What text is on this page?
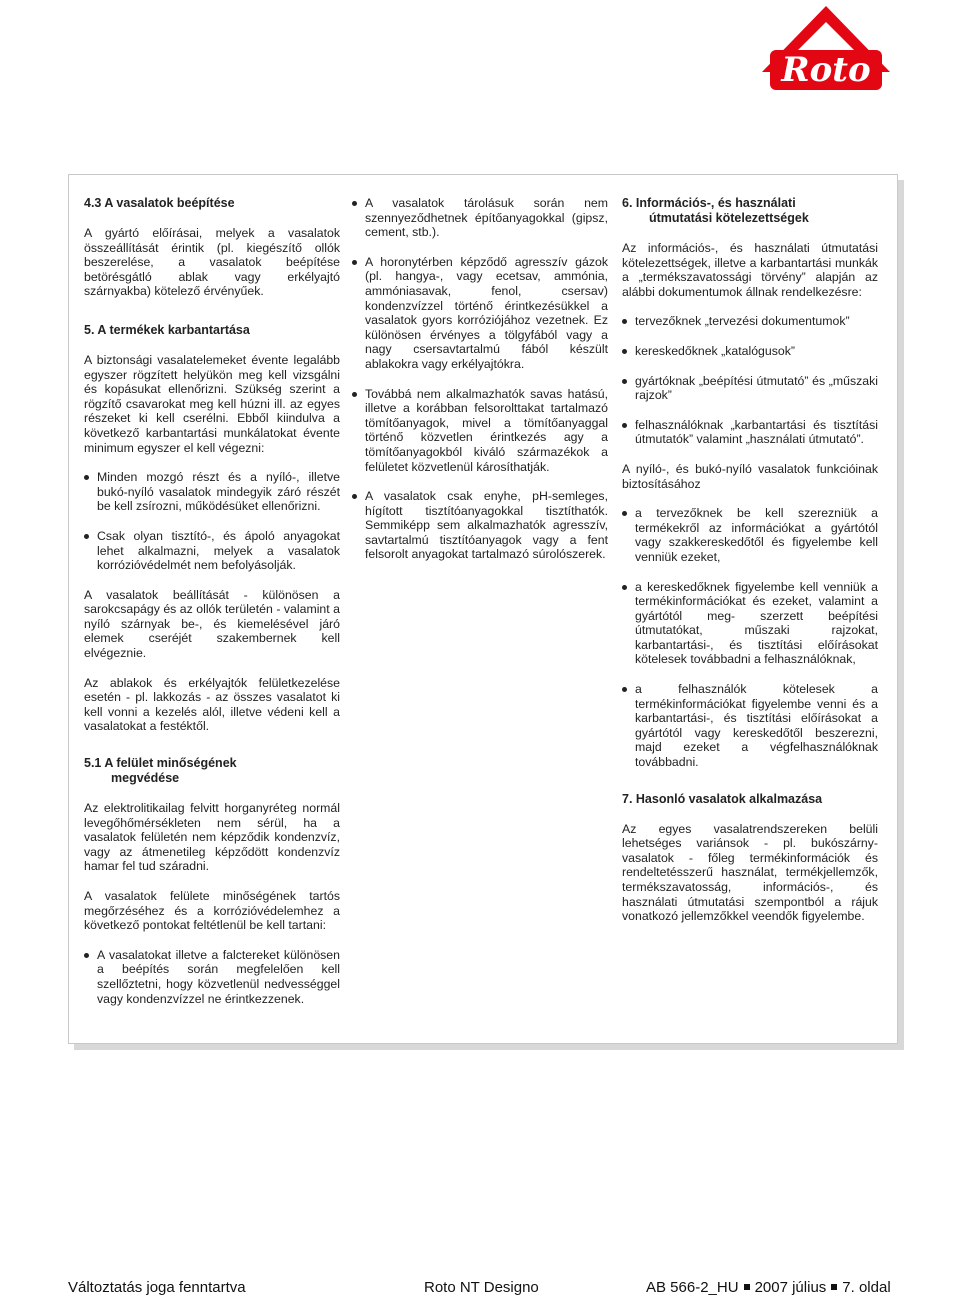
Roto
4.3 A vasalatok beépítése

A gyártó előírásai, melyek a vasalatok összeállítását érintik (pl. kiegészítő ollók beszerelése, a vasalatok beépítése betörésgátló ablak vagy erkélyajtó szárnyakba) kötelező érvényűek.

5. A termékek karbantartása

A biztonsági vasalatelemeket évente legalább egyszer rögzített helyükön meg kell vizsgálni és kopásukat ellenőrizni. Szükség szerint a rögzítő csavarokat meg kell húzni ill. az egyes részeket ki kell cserélni. Ebből kiindulva a következő karbantartási munkálatokat évente minimum egyszer el kell végezni:

Minden mozgó részt és a nyíló-, illetve bukó-nyíló vasalatok mindegyik záró részét be kell zsírozni, működésüket ellenőrizni.
Csak olyan tisztító-, és ápoló anyagokat lehet alkalmazni, melyek a vasalatok korrózióvédelmét nem befolyásolják.

A vasalatok beállítását - különösen a sarokcsapágy és az ollók területén - valamint a nyíló szárnyak be-, és kiemelésével járó elemek cseréjét szakembernek kell elvégeznie.

Az ablakok és erkélyajtók felületkezelése esetén - pl. lakkozás - az összes vasalatot ki kell vonni a kezelés alól, illetve védeni kell a vasalatokat a festéktől.

5.1 A felület minőségének
megvédése

Az elektrolitikailag felvitt horganyréteg normál levegőhőmérsékleten nem sérül, ha a vasalatok felületén nem képződik kondenzvíz, vagy az átmenetileg képződött kondenzvíz hamar fel tud száradni.

A vasalatok felülete minőségének tartós megőrzéséhez és a korrózióvédelemhez a következő pontokat feltétlenül be kell tartani:

A vasalatokat illetve a falctereket különösen a beépítés során megfelelően kell szellőztetni, hogy közvetlenül nedvességgel vagy kondenzvízzel ne érintkezzenek.
A vasalatok tárolásuk során nem szennyeződhetnek építőanyagokkal (gipsz, cement, stb.).
A horonytérben képződő agresszív gázok (pl. hangya-, vagy ecetsav, ammónia, ammóniasavak, fenol, csersav) kondenzvízzel történő érintkezésükkel a vasalatok gyors korróziójához vezetnek. Ez különösen érvényes a tölgyfából vagy a nagy csersavtartalmú fából készült ablakokra vagy erkélyajtókra.
Továbbá nem alkalmazhatók savas hatású, illetve a korábban felsorolttakat tartalmazó tömítőanyagok, mivel a tömítőanyaggal történő közvetlen érintkezés agy a tömítőanyagokból kiváló származékok a felületet közvetlenül károsíthatják.
A vasalatok csak enyhe, pH-semleges, hígított tisztítóanyagokkal tisztíthatók. Semmiképp sem alkalmazhatók agresszív, savtartalmú tisztítóanyagok vagy a fent felsorolt anyagokat tartalmazó súrolószerek.
6. Információs-, és használati
útmutatási kötelezettségek

Az információs-, és használati útmutatási kötelezettségek, illetve a karbantartási munkák a „termékszavatossági törvény” alapján az alábbi dokumentumok állnak rendelkezésre:

tervezőknek „tervezési dokumentumok”
kereskedőknek „katalógusok”
gyártóknak „beépítési útmutató” és „műszaki rajzok”
felhasználóknak „karbantartási és tisztítási útmutatók” valamint „használati útmutató”.

A nyíló-, és bukó-nyíló vasalatok funkcióinak biztosításához

a tervezőknek be kell szerezniük a termékekről az információkat a gyártótól vagy szakkereskedőtől és figyelembe kell venniük ezeket,
a kereskedőknek figyelembe kell venniük a termékinformációkat és ezeket, valamint a gyártótól meg- szerzett beépítési útmutatókat, műszaki rajzokat, karbantartási-, és tisztítási előírásokat kötelesek továbbadni a felhasználóknak,
a felhasználók kötelesek a termékinformációkat figyelembe venni és a karbantartási-, és tisztítási előírásokat a gyártótól vagy kereskedőtől beszerezni, majd ezeket a végfelhasználóknak továbbadni.
7. Hasonló vasalatok alkalmazása

Az egyes vasalatrendszereken belüli lehetséges variánsok - pl. bukószárny-vasalatok - főleg termékinformációk és rendeltetésszerű használat, termékjellemzők, termékszavatosság, információs-, és használati útmutatási szempontból a rájuk vonatkozó jellemzőkkel veendők figyelembe.

Változtatás joga fenntartva	Roto NT Designo	AB 566-2_HU 2007 július 7. oldal
